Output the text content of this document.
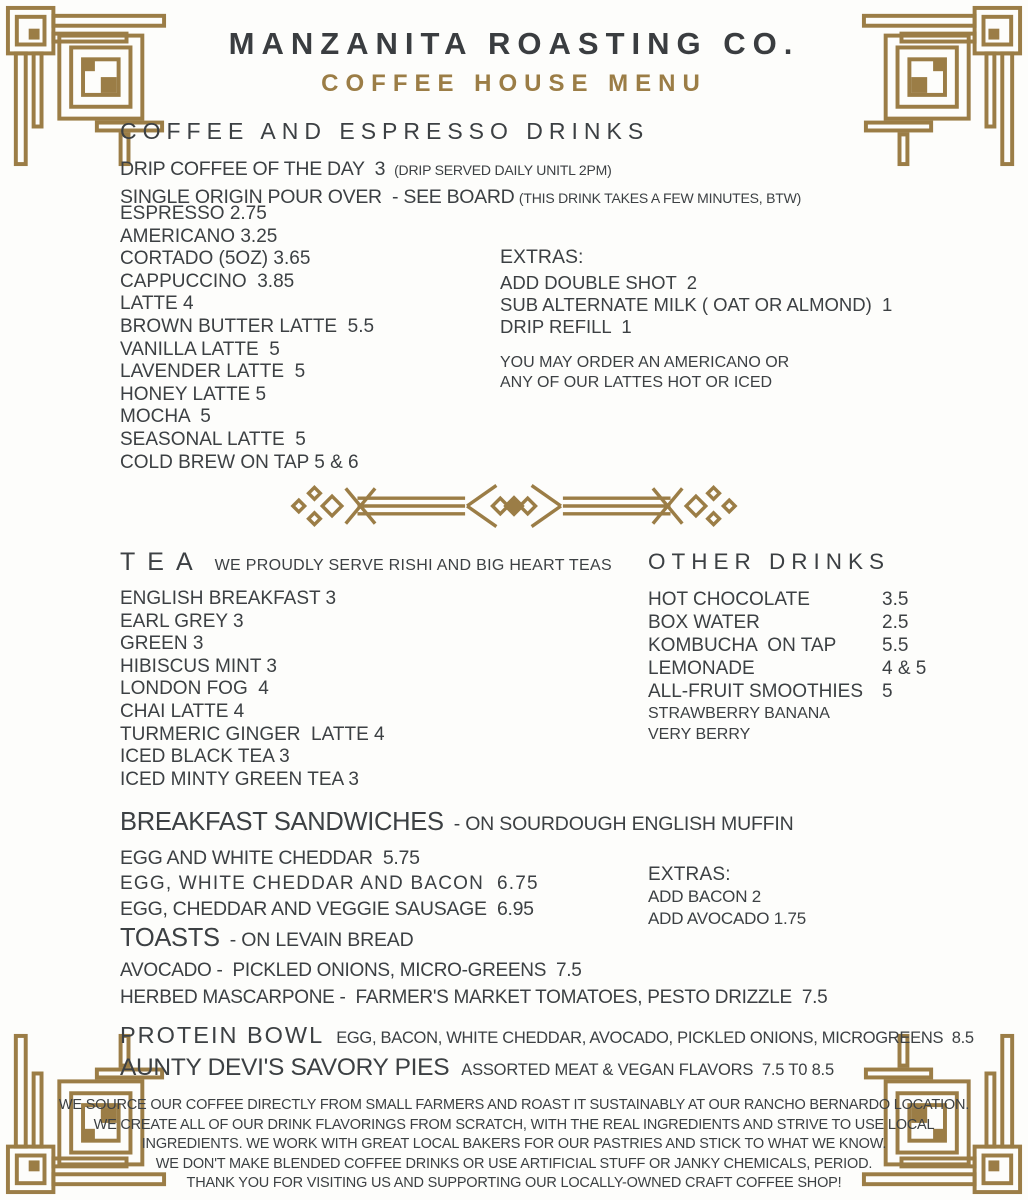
MANZANITA ROASTING CO.
COFFEE HOUSE MENU
COFFEE AND ESPRESSO DRINKS
DRIP COFFEE OF THE DAY  3 (DRIP SERVED DAILY UNITL 2PM)
SINGLE ORIGIN POUR OVER  - SEE BOARD (THIS DRINK TAKES A FEW MINUTES, BTW)
ESPRESSO 2.75
AMERICANO 3.25
CORTADO (5OZ) 3.65
CAPPUCCINO  3.85
LATTE 4
BROWN BUTTER LATTE  5.5
VANILLA LATTE  5
LAVENDER LATTE  5
HONEY LATTE 5
MOCHA  5
SEASONAL LATTE  5
COLD BREW ON TAP 5 & 6
EXTRAS:
ADD DOUBLE SHOT  2
SUB ALTERNATE MILK ( OAT OR ALMOND)  1
DRIP REFILL  1
YOU MAY ORDER AN AMERICANO OR
ANY OF OUR LATTES HOT OR ICED
TEA WE PROUDLY SERVE RISHI AND BIG HEART TEAS
ENGLISH BREAKFAST 3
EARL GREY 3
GREEN 3
HIBISCUS MINT 3
LONDON FOG  4
CHAI LATTE 4
TURMERIC GINGER  LATTE 4
ICED BLACK TEA 3
ICED MINTY GREEN TEA 3
OTHER DRINKS
HOT CHOCOLATE	3.5
BOX WATER	2.5
KOMBUCHA  ON TAP 5.5
LEMONADE	4 & 5
ALL-FRUIT SMOOTHIES 5
STRAWBERRY BANANA
VERY BERRY
BREAKFAST SANDWICHES - ON SOURDOUGH ENGLISH MUFFIN
EGG AND WHITE CHEDDAR  5.75
EGG, WHITE CHEDDAR AND BACON  6.75
EGG, CHEDDAR AND VEGGIE SAUSAGE  6.95
EXTRAS:
ADD BACON 2
ADD AVOCADO 1.75
TOASTS - ON LEVAIN BREAD
AVOCADO -  PICKLED ONIONS, MICRO-GREENS  7.5
HERBED MASCARPONE -  FARMER'S MARKET TOMATOES, PESTO DRIZZLE  7.5
PROTEIN BOWL EGG, BACON, WHITE CHEDDAR, AVOCADO, PICKLED ONIONS, MICROGREENS  8.5
AUNTY DEVI'S SAVORY PIES ASSORTED MEAT & VEGAN FLAVORS  7.5 T0 8.5
WE SOURCE OUR COFFEE DIRECTLY FROM SMALL FARMERS AND ROAST IT SUSTAINABLY AT OUR RANCHO BERNARDO LOCATION.
WE CREATE ALL OF OUR DRINK FLAVORINGS FROM SCRATCH, WITH THE REAL INGREDIENTS AND STRIVE TO USE LOCAL
INGREDIENTS. WE WORK WITH GREAT LOCAL BAKERS FOR OUR PASTRIES AND STICK TO WHAT WE KNOW.
WE DON'T MAKE BLENDED COFFEE DRINKS OR USE ARTIFICIAL STUFF OR JANKY CHEMICALS, PERIOD.
THANK YOU FOR VISITING US AND SUPPORTING OUR LOCALLY-OWNED CRAFT COFFEE SHOP!
